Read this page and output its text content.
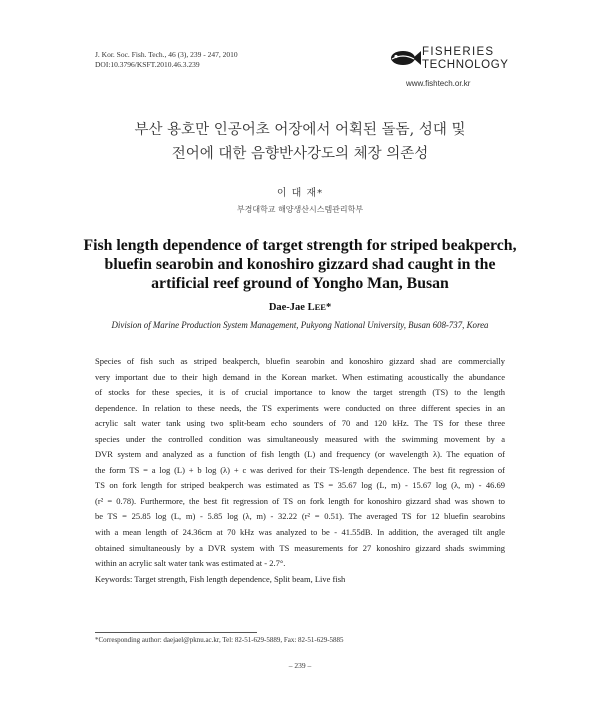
J. Kor. Soc. Fish. Tech., 46 (3), 239 - 247, 2010
DOI:10.3796/KSFT.2010.46.3.239
FISHERIES
TECHNOLOGY
www.fishtech.or.kr
부산 용호만 인공어초 어장에서 어획된 돌돔, 성대 및
전어에 대한 음향반사강도의 체장 의존성
이 대 재*
부경대학교 해양생산시스템관리학부
Fish length dependence of target strength for striped beakperch,
bluefin searobin and konoshiro gizzard shad caught in the
artificial reef ground of Yongho Man, Busan
Dae-Jae LEE*
Division of Marine Production System Management, Pukyong National University, Busan 608-737, Korea
Species of fish such as striped beakperch, bluefin searobin and konoshiro gizzard shad are commercially
very important due to their high demand in the Korean market. When estimating acoustically the abundance
of stocks for these species, it is of crucial importance to know the target strength (TS) to the length
dependence. In relation to these needs, the TS experiments were conducted on three different species in an
acrylic salt water tank using two split-beam echo sounders of 70 and 120 kHz. The TS for these three
species under the controlled condition was simultaneously measured with the swimming movement by a
DVR system and analyzed as a function of fish length (L) and frequency (or wavelength λ). The equation of
the form TS = a log (L) + b log (λ) + c was derived for their TS-length dependence. The best fit regression of
TS on fork length for striped beakperch was estimated as TS = 35.67 log (L, m) - 15.67 log (λ, m) - 46.69
(r² = 0.78). Furthermore, the best fit regression of TS on fork length for konoshiro gizzard shad was shown to
be TS = 25.85 log (L, m) - 5.85 log (λ, m) - 32.22 (r² = 0.51). The averaged TS for 12 bluefin searobins
with a mean length of 24.36cm at 70 kHz was analyzed to be - 41.55dB. In addition, the averaged tilt angle
obtained simultaneously by a DVR system with TS measurements for 27 konoshiro gizzard shads swimming
within an acrylic salt water tank was estimated at - 2.7°.
Keywords: Target strength, Fish length dependence, Split beam, Live fish
*Corresponding author: daejael@pknu.ac.kr, Tel: 82-51-629-5889, Fax: 82-51-629-5885
– 239 –
